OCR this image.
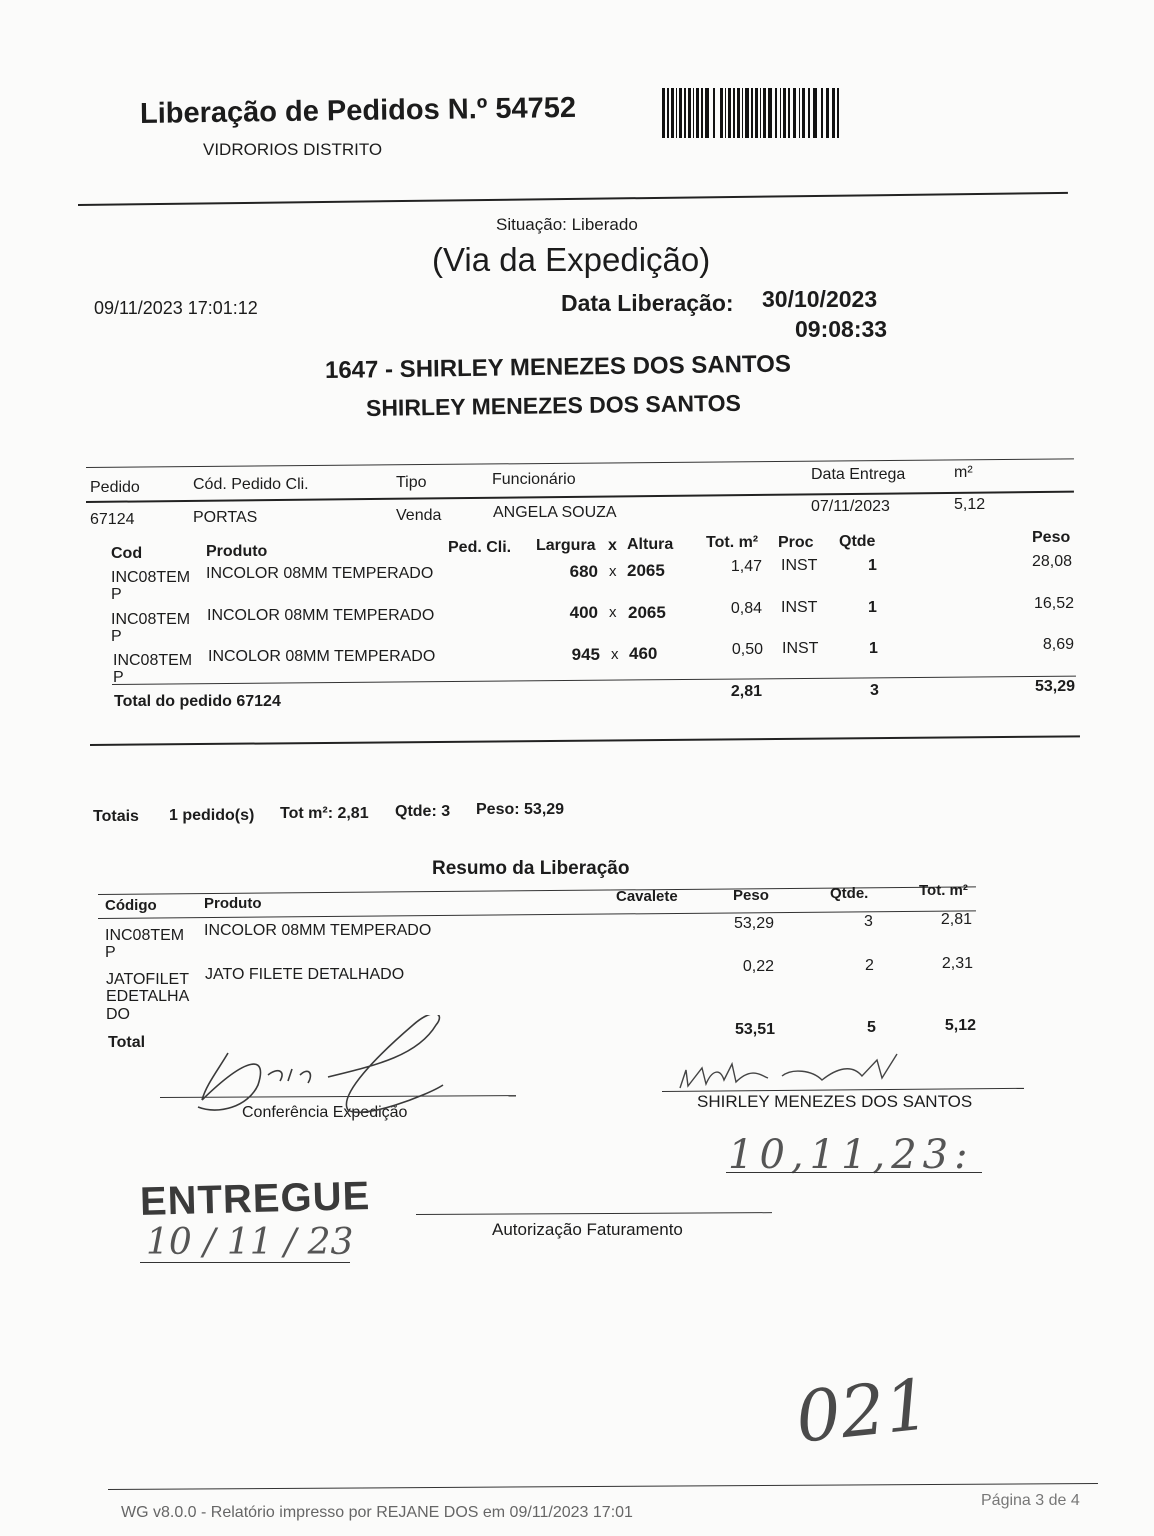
Liberação de Pedidos N.º 54752
VIDRORIOS DISTRITO
Situação: Liberado
(Via da Expedição)
09/11/2023 17:01:12	Data Liberação: 30/10/2023
09:08:33
1647 - SHIRLEY MENEZES DOS SANTOS
SHIRLEY MENEZES DOS SANTOS
Pedido	Cód. Pedido Cli.	Tipo	Funcionário	Data Entrega	m²
67124	PORTAS	Venda	ANGELA SOUZA	07/11/2023	5,12
Cod	Produto	Ped. Cli. Largura x Altura Tot. m² Proc Qtde	Peso
INC08TEM
P
INCOLOR 08MM TEMPERADO	680 x 2065	1,47 INST	1	28,08
INC08TEM
P
INCOLOR 08MM TEMPERADO	400 x 2065	0,84 INST	1	16,52
INC08TEM
P
INCOLOR 08MM TEMPERADO	945 x 460	0,50 INST	1	8,69
Total do pedido 67124
2,81	3	53,29
Totais 1 pedido(s) Tot m²: 2,81 Qtde: 3 Peso: 53,29
Resumo da Liberação
Código	Produto	Cavalete	Peso	Qtde.	Tot. m²
INC08TEM
P
INCOLOR 08MM TEMPERADO	53,29	3	2,81
JATOFILET
EDETALHA
DO
JATO FILETE DETALHADO	0,22	2	2,31
Total
53,51	5	5,12
Conferência Expedição
SHIRLEY MENEZES DOS SANTOS
10,11,23:
Autorização Faturamento
ENTREGUE
10 / 11 / 23
021
WG v8.0.0 - Relatório impresso por REJANE DOS em 09/11/2023 17:01
Página 3 de 4
